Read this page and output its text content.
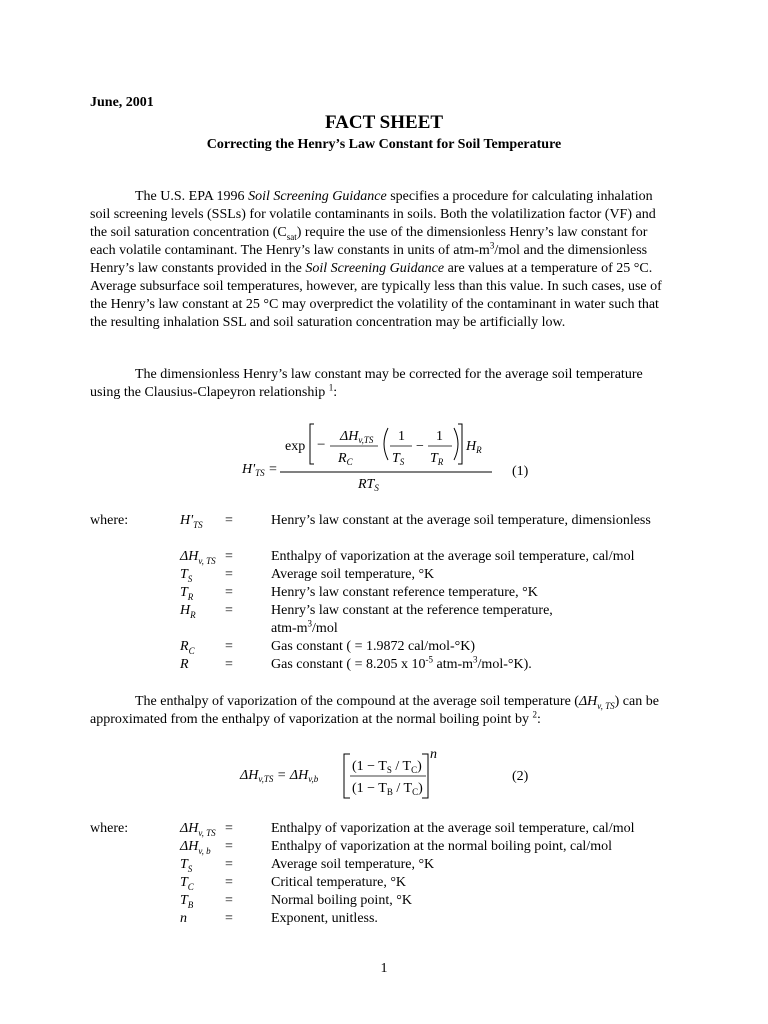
June, 2001
FACT SHEET
Correcting the Henry’s Law Constant for Soil Temperature
The U.S. EPA 1996 Soil Screening Guidance specifies a procedure for calculating inhalation soil screening levels (SSLs) for volatile contaminants in soils. Both the volatilization factor (VF) and the soil saturation concentration $(C_{sat})$ require the use of the dimensionless Henry’s law constant for each volatile contaminant. The Henry’s law constants in units of atm-$m^3$/mol and the dimensionless Henry’s law constants provided in the Soil Screening Guidance are values at a temperature of 25 °C. Average subsurface soil temperatures, however, are typically less than this value. In such cases, use of the Henry’s law constant at 25 °C may overpredict the volatility of the contaminant in water such that the resulting inhalation SSL and soil saturation concentration may be artificially low.
The dimensionless Henry’s law constant may be corrected for the average soil temperature using the Clausius-Clapeyron relationship $^1$:
$H'_{TS}$ =
exp −
$\Delta H_{v,TS}$
$R_C$
1
$T_S$
−
1
$T_R$
$H_R$
$RT_S$
(1)
where:	$H'_{TS}$ =	Henry’s law constant at the average soil temperature, dimensionless
$\Delta H_{v, TS}$ =	Enthalpy of vaporization at the average soil temperature, cal/mol
$T_S$ =	Average soil temperature, °K
$T_R$ =	Henry’s law constant reference temperature, °K
$H_R$ =	Henry’s law constant at the reference temperature,
atm-$m^3$/mol
$R_C$ =	Gas constant ( = 1.9872 cal/mol-°K)
R	=	Gas constant ( = 8.205 x $10^{-5}$ atm-$m^3/mol-^\circ K$).
The enthalpy of vaporization of the compound at the average soil temperature $(\Delta H_{v, TS})$ can be approximated from the enthalpy of vaporization at the normal boiling point by $^2$:
$\Delta H_{v,TS} = \Delta H_{v,b}$
$(1 - T_S / T_C)$
$(1 - T_B / T_C)$
n
(2)
where:	$\Delta H_{v, TS}$ =	Enthalpy of vaporization at the average soil temperature, cal/mol
$\Delta H_{v, b}$ =	Enthalpy of vaporization at the normal boiling point, cal/mol
$T_S$ =	Average soil temperature, °K
$T_C$ =	Critical temperature, °K
$T_B$ =	Normal boiling point, °K
n	=	Exponent, unitless.
1
